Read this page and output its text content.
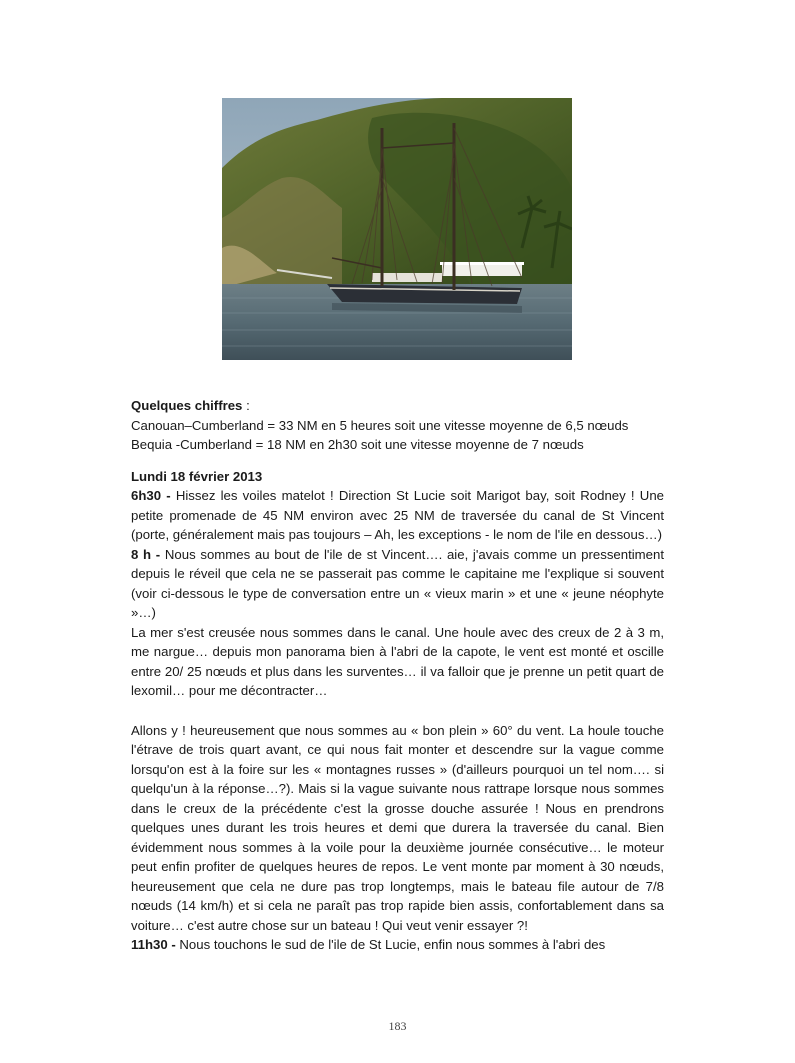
Quelques chiffres :

Canouan–Cumberland = 33 NM en 5 heures soit une vitesse moyenne de 6,5 nœuds

Bequia -Cumberland = 18 NM en 2h30 soit une vitesse moyenne de 7 nœuds

Lundi 18 février 2013

6h30 - Hissez les voiles matelot ! Direction St Lucie soit Marigot bay, soit Rodney ! Une petite promenade de 45 NM environ avec 25 NM de traversée du canal de St Vincent (porte, généralement mais pas toujours – Ah, les exceptions - le nom de l'ile en dessous…)

8 h - Nous sommes au bout de l'ile de st Vincent…. aie, j'avais comme un pressentiment depuis le réveil que cela ne se passerait pas comme le capitaine me l'explique si souvent (voir ci-dessous le type de conversation entre un « vieux marin » et une « jeune néophyte »…)

La mer s'est creusée nous sommes dans le canal. Une houle avec des creux de 2 à 3 m, me nargue… depuis mon panorama bien à l'abri de la capote, le vent est monté et oscille entre 20/ 25 nœuds et plus dans les surventes… il va falloir que je prenne un petit quart de lexomil… pour me décontracter…

Allons y ! heureusement que nous sommes au « bon plein » 60° du vent. La houle touche l'étrave de trois quart avant, ce qui nous fait monter et descendre sur la vague comme lorsqu'on est à la foire sur les « montagnes russes » (d'ailleurs pourquoi un tel nom…. si quelqu'un à la réponse…?). Mais si la vague suivante nous rattrape lorsque nous sommes dans le creux de la précédente c'est la grosse douche assurée ! Nous en prendrons quelques unes durant les trois heures et demi que durera la traversée du canal. Bien évidemment nous sommes à la voile pour la deuxième journée consécutive… le moteur peut enfin profiter de quelques heures de repos. Le vent monte par moment à 30 nœuds, heureusement que cela ne dure pas trop longtemps, mais le bateau file autour de 7/8 nœuds (14 km/h) et si cela ne paraît pas trop rapide bien assis, confortablement dans sa voiture… c'est autre chose sur un bateau ! Qui veut venir essayer ?!

11h30 - Nous touchons le sud de l'ile de St Lucie, enfin nous sommes à l'abri des

183
